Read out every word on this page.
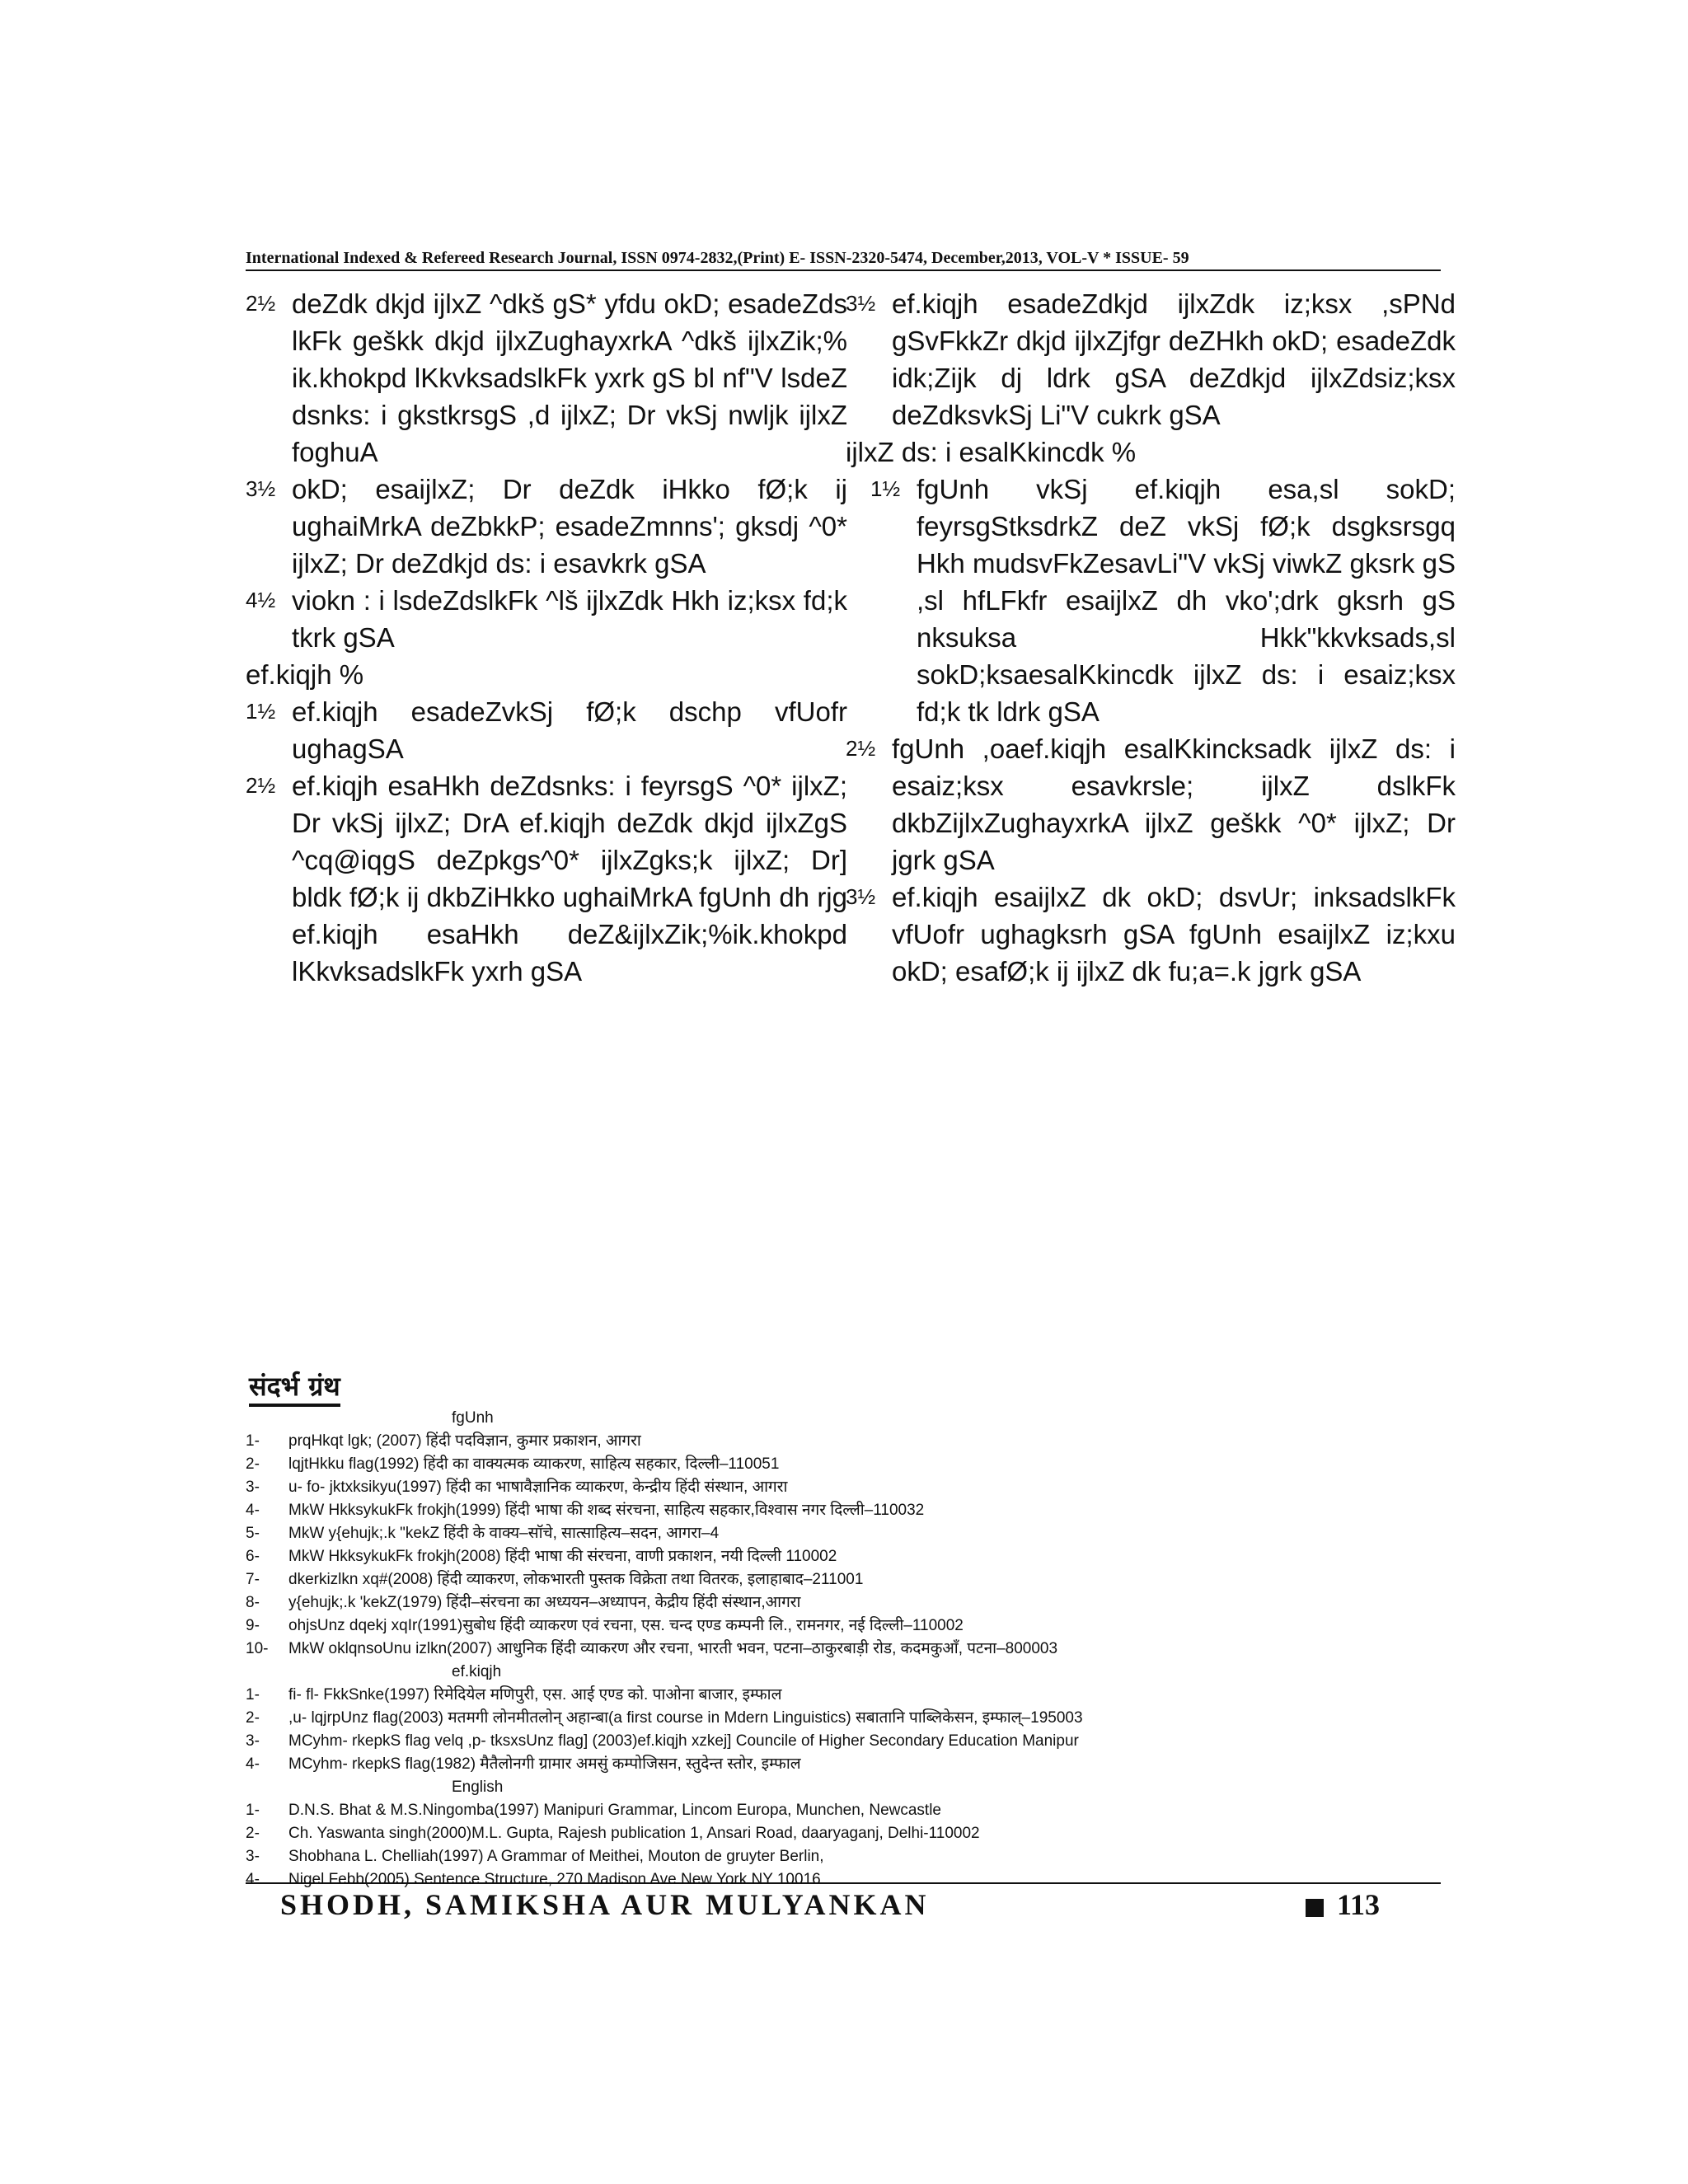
International Indexed & Refereed Research Journal, ISSN 0974-2832,(Print) E- ISSN-2320-5474, December,2013, VOL-V * ISSUE- 59
2½ deZdk dkjd ijlxZ ^dkš gS* yfdu okD; esadeZds lkFk geškk dkjd ijlxZughayxrkA ^dkš ijlxZik;% ik.khokpd lKkvksadslkFk yxrk gS bl nf"V lsdeZ dsnks: i gkstkrsgS ,d ijlxZ; Dr vkSj nwljk ijlxZ foghuA
3½ okD; esaijlxZ; Dr deZdk iHkko fØ;k ij ughaiMrkA deZbkkP; esadeZmnns'; gksdj ^0* ijlxZ; Dr deZdkjd ds: i esavkrk gSA
4½ viokn : i lsdeZdslkFk ^lš ijlxZdk Hkh iz;ksx fd;k tkrk gSA
ef.kiqjh %
1½ ef.kiqjh esadeZvkSj fØ;k dschp vfUofr ughagSA
2½ ef.kiqjh esaHkh deZdsnks: i feyrsgS ^0* ijlxZ; Dr vkSj ijlxZ; DrA ef.kiqjh deZdk dkjd ijlxZgS ^cq@iqgS deZpkgs^0* ijlxZgks;k ijlxZ; Dr] bldk fØ;k ij dkbZiHkko ughaiMrkA fgUnh dh rjg ef.kiqjh esaHkh deZ&ijlxZik;%ik.khokpd lKkvksadslkFk yxrh gSA
3½ ef.kiqjh esadeZdkjd ijlxZdk iz;ksx ,sPNd gSvFkkZr dkjd ijlxZjfgr deZHkh okD; esadeZdk idk;Zijk dj ldrk gSA deZdkjd ijlxZdsiz;ksx deZdksvkSj Li"V cukrk gSA
ijlxZ ds: i esalKkincdk %
1½ fgUnh vkSj ef.kiqjh esa,sl sokD; feyrsgStksdrkZ deZ vkSj fØ;k dsgksrsgq Hkh mudsvFkZesavLi"V vkSj viwkZ gksrk gS ,sl hfLFkfr esaijlxZ dh vko';drk gksrh gS nksuksa Hkk"kkvksads,sl sokD;ksaesalKkincdk ijlxZ ds: i esaiz;ksx fd;k tk ldrk gSA
2½ fgUnh ,oaef.kiqjh esalKkincksadk ijlxZ ds: i esaiz;ksx esavkrsle; ijlxZ dslkFk dkbZijlxZughayxrkA ijlxZ geškk ^0* ijlxZ; Dr jgrk gSA
3½ ef.kiqjh esaijlxZ dk okD; dsvUr; inksadslkFk vfUofr ughagksrh gSA fgUnh esaijlxZ iz;kxu okD; esafØ;k ij ijlxZ dk fu;a=.k jgrk gSA
संदर्भ ग्रंथ
fgUnh
1-	prqHkqt lgk; (2007) हिंदी पदविज्ञान, कुमार प्रकाशन, आगरा
2-	lqjtHkku flag(1992) हिंदी का वाक्यत्मक व्याकरण, साहित्य सहकार, दिल्ली–110051
3-	u- fo- jktxksikyu(1997) हिंदी का भाषावैज्ञानिक व्याकरण, केन्द्रीय हिंदी संस्थान, आगरा
4-	MkW HkksykukFk frokjh(1999) हिंदी भाषा की शब्द संरचना, साहित्य सहकार,विश्वास नगर दिल्ली–110032
5-	MkW y{ehujk;.k "kekZ हिंदी के वाक्य–सॉचे, सात्साहित्य–सदन, आगरा–4
6-	MkW HkksykukFk frokjh(2008) हिंदी भाषा की संरचना, वाणी प्रकाशन, नयी दिल्ली 110002
7-	dkerkizlkn xq#(2008) हिंदी व्याकरण, लोकभारती पुस्तक विक्रेता तथा वितरक, इलाहाबाद–211001
8-	y{ehujk;.k 'kekZ(1979) हिंदी–संरचना का अध्ययन–अध्यापन, केद्रीय हिंदी संस्थान,आगरा
9-	ohjsUnz dqekj xqIr(1991)सुबोध हिंदी व्याकरण एवं रचना, एस. चन्द एण्ड कम्पनी लि., रामनगर, नई दिल्ली–110002
10-	MkW oklqnsoUnu izlkn(2007) आधुनिक हिंदी व्याकरण और रचना, भारती भवन, पटना–ठाकुरबाड़ी रोड, कदमकुआँ, पटना–800003
ef.kiqjh
1-	fi- fl- FkkSnke(1997) रिमेदियेल मणिपुरी, एस. आई एण्ड को. पाओना बाजार, इम्फाल
2-	,u- lqjrpUnz flag(2003) मतमगी लोनमीतलोन् अहान्बा(a first course in Mdern Linguistics) सबातानि पाब्लिकेसन, इम्फाल्–195003
3-	MCyhm- rkepkS flag velq ,p- tksxsUnz flag] (2003)ef.kiqjh xzkej] Councile of Higher Secondary Education Manipur
4-	MCyhm- rkepkS flag(1982) मैतैलोनगी ग्रामार अमसुं कम्पोजिसन, स्तुदेन्त स्तोर, इम्फाल
English
1-	D.N.S. Bhat & M.S.Ningomba(1997) Manipuri Grammar, Lincom Europa, Munchen, Newcastle
2-	Ch. Yaswanta singh(2000)M.L. Gupta, Rajesh publication 1, Ansari Road, daaryaganj, Delhi-110002
3-	Shobhana L. Chelliah(1997) A Grammar of Meithei, Mouton de gruyter Berlin,
4-	Nigel Febb(2005) Sentence Structure, 270 Madison Ave New York NY 10016
SHODH, SAMIKSHA AUR MULYANKAN	113
